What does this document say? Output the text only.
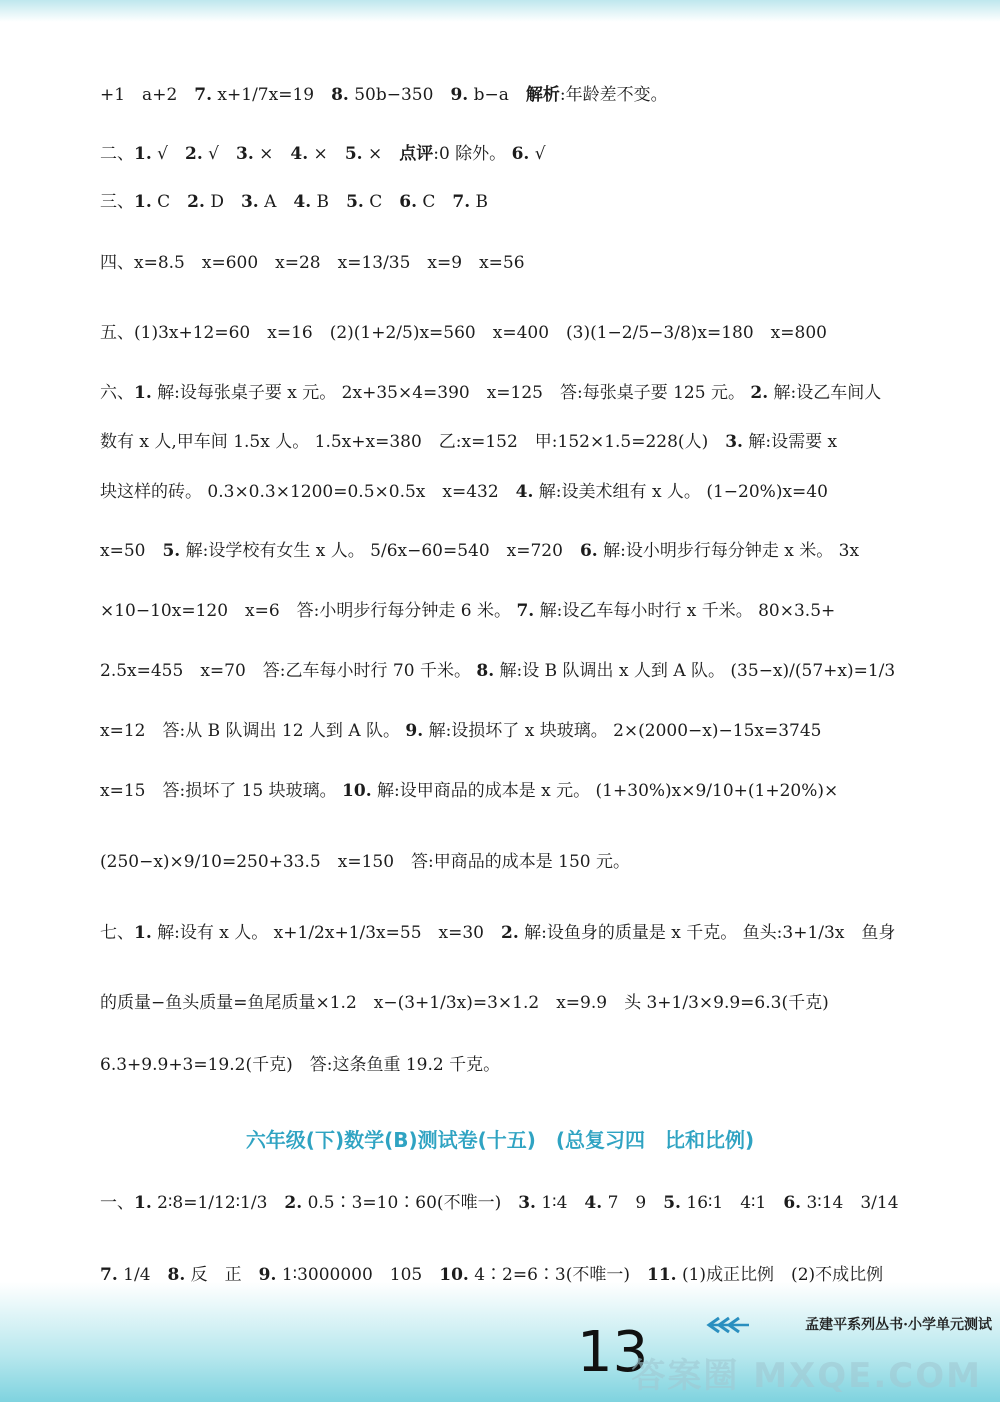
+1　a+2　7. x+1/7x=19　8. 50b−350　9. b−a　解析:年龄差不变。
二、1. √　2. √　3. ×　4. ×　5. ×　点评:0 除外。 6. √
三、1. C　2. D　3. A　4. B　5. C　6. C　7. B
四、x=8.5　x=600　x=28　x=13/35　x=9　x=56
五、(1)3x+12=60　x=16　(2)(1+2/5)x=560　x=400　(3)(1−2/5−3/8)x=180　x=800
六、1. 解:设每张桌子要 x 元。 2x+35×4=390　x=125　答:每张桌子要 125 元。 2. 解:设乙车间人
数有 x 人,甲车间 1.5x 人。 1.5x+x=380　乙:x=152　甲:152×1.5=228(人)　3. 解:设需要 x
块这样的砖。 0.3×0.3×1200=0.5×0.5x　x=432　4. 解:设美术组有 x 人。 (1−20%)x=40
x=50　5. 解:设学校有女生 x 人。 5/6x−60=540　x=720　6. 解:设小明步行每分钟走 x 米。 3x
×10−10x=120　x=6　答:小明步行每分钟走 6 米。 7. 解:设乙车每小时行 x 千米。 80×3.5+
2.5x=455　x=70　答:乙车每小时行 70 千米。 8. 解:设 B 队调出 x 人到 A 队。 (35−x)/(57+x)=1/3
x=12　答:从 B 队调出 12 人到 A 队。 9. 解:设损坏了 x 块玻璃。 2×(2000−x)−15x=3745
x=15　答:损坏了 15 块玻璃。 10. 解:设甲商品的成本是 x 元。 (1+30%)x×9/10+(1+20%)×
(250−x)×9/10=250+33.5　x=150　答:甲商品的成本是 150 元。
七、1. 解:设有 x 人。 x+1/2x+1/3x=55　x=30　2. 解:设鱼身的质量是 x 千克。 鱼头:3+1/3x　鱼身
的质量−鱼头质量=鱼尾质量×1.2　x−(3+1/3x)=3×1.2　x=9.9　头 3+1/3×9.9=6.3(千克)
6.3+9.9+3=19.2(千克)　答:这条鱼重 19.2 千克。
六年级(下)数学(B)测试卷(十五)　(总复习四　比和比例)
一、1. 2∶8=1/12∶1/3　2. 0.5∶3=10∶60(不唯一)　3. 1∶4　4. 7　9　5. 16∶1　4∶1　6. 3∶14　3/14
7. 1/4　8. 反　正　9. 1∶3000000　105　10. 4∶2=6∶3(不唯一)　11. (1)成正比例　(2)不成比例
孟建平系列丛书·小学单元测试
13
答案圈 MXQE.COM
